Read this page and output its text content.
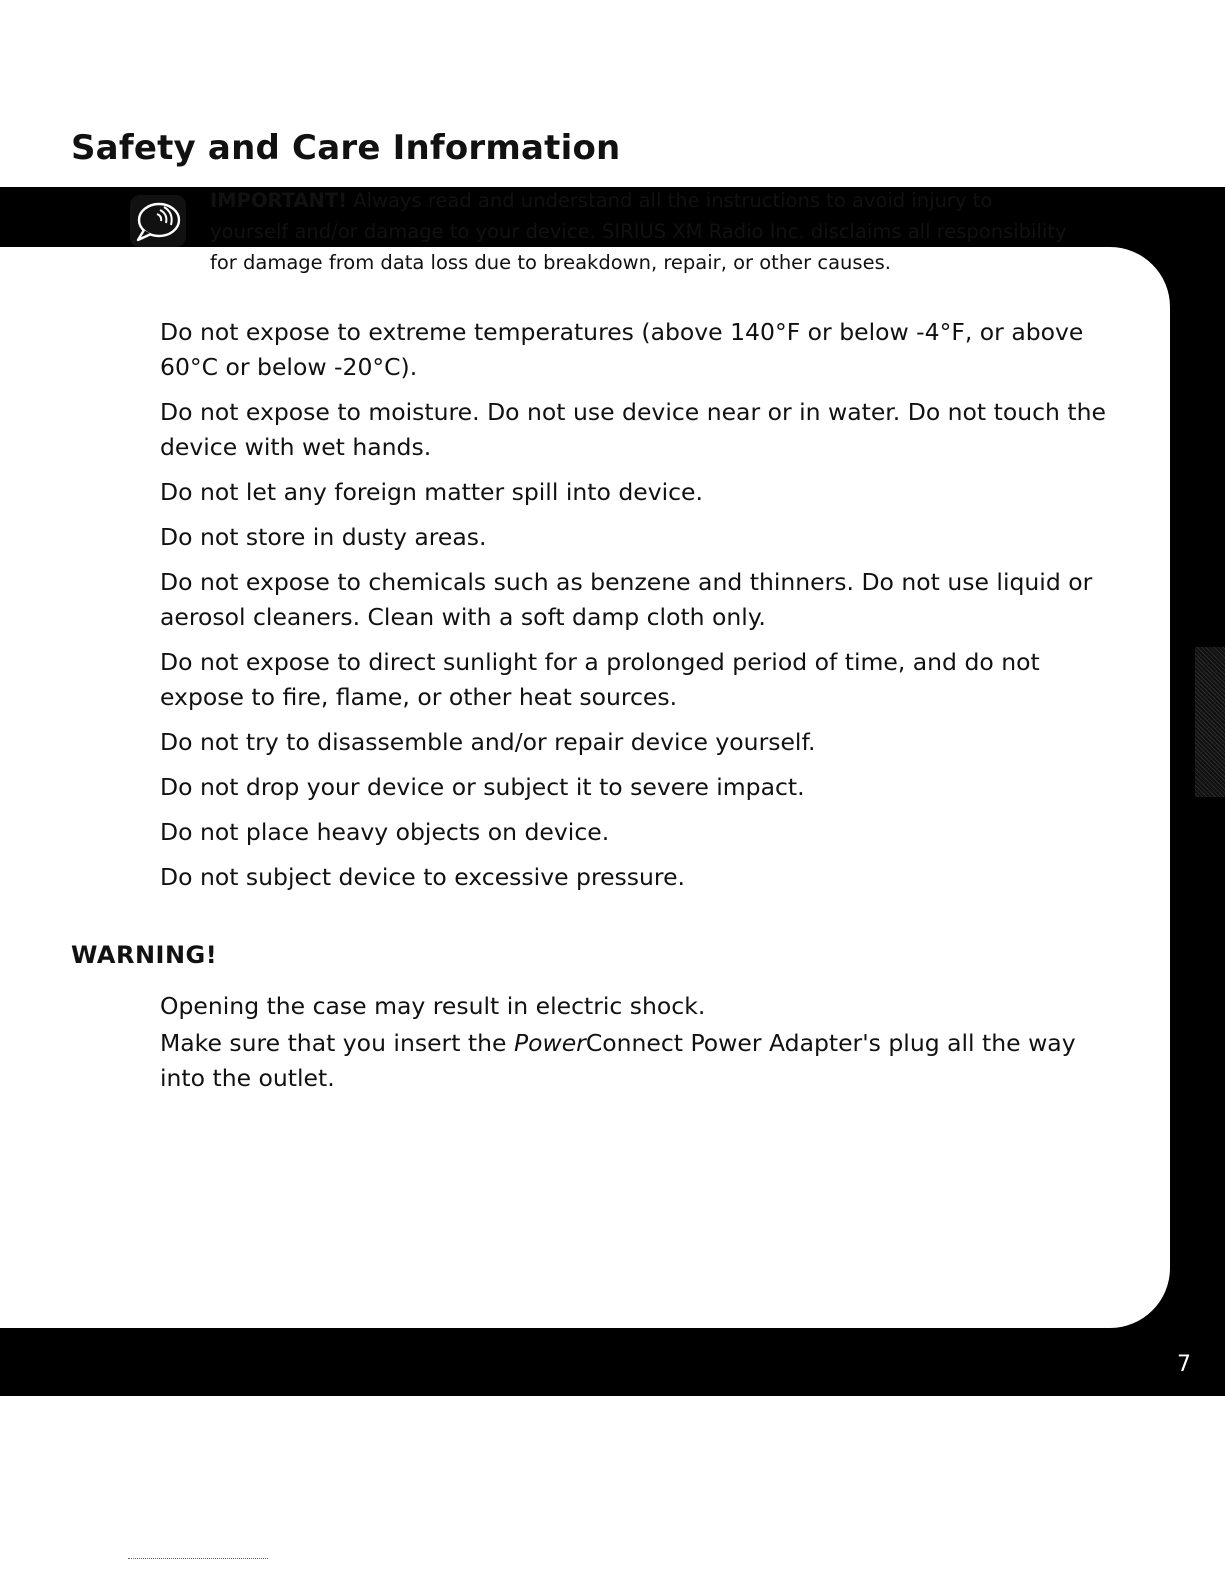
7
Safety and Care Information

IMPORTANT! Always read and understand all the instructions to avoid injury to yourself and/or damage to your device. SIRIUS XM Radio Inc. disclaims all responsibility for damage from data loss due to breakdown, repair, or other causes.

Do not expose to extreme temperatures (above 140°F or below -4°F, or above 60°C or below -20°C).
Do not expose to moisture. Do not use device near or in water. Do not touch the device with wet hands.
Do not let any foreign matter spill into device.
Do not store in dusty areas.
Do not expose to chemicals such as benzene and thinners. Do not use liquid or aerosol cleaners. Clean with a soft damp cloth only.
Do not expose to direct sunlight for a prolonged period of time, and do not expose to fire, flame, or other heat sources.
Do not try to disassemble and/or repair device yourself.
Do not drop your device or subject it to severe impact.
Do not place heavy objects on device.
Do not subject device to excessive pressure.
WARNING!
Opening the case may result in electric shock.
Make sure that you insert the PowerConnect Power Adapter's plug all the way into the outlet.
